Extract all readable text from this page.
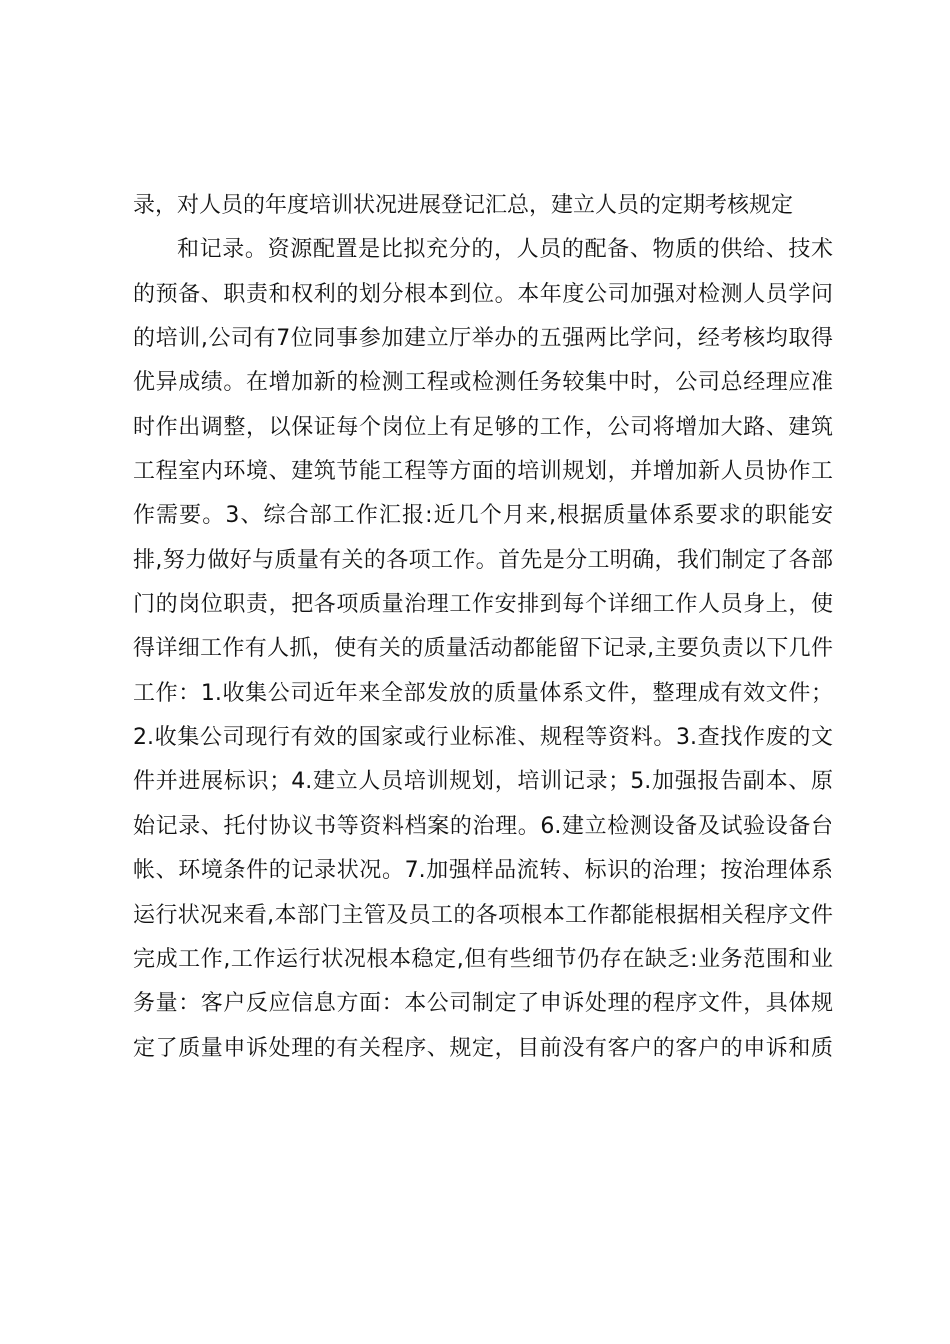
录，对人员的年度培训状况进展登记汇总，建立人员的定期考核规定
和记录。资源配置是比拟充分的，人员的配备、物质的供给、技术
的预备、职责和权利的划分根本到位。本年度公司加强对检测人员学问
的培训,公司有7位同事参加建立厅举办的五强两比学问，经考核均取得
优异成绩。在增加新的检测工程或检测任务较集中时，公司总经理应准
时作出调整，以保证每个岗位上有足够的工作，公司将增加大路、建筑
工程室内环境、建筑节能工程等方面的培训规划，并增加新人员协作工
作需要。3、综合部工作汇报:近几个月来,根据质量体系要求的职能安
排,努力做好与质量有关的各项工作。首先是分工明确，我们制定了各部
门的岗位职责，把各项质量治理工作安排到每个详细工作人员身上，使
得详细工作有人抓，使有关的质量活动都能留下记录,主要负责以下几件
工作：1.收集公司近年来全部发放的质量体系文件，整理成有效文件；
2.收集公司现行有效的国家或行业标准、规程等资料。3.查找作废的文
件并进展标识；4.建立人员培训规划，培训记录；5.加强报告副本、原
始记录、托付协议书等资料档案的治理。6.建立检测设备及试验设备台
帐、环境条件的记录状况。7.加强样品流转、标识的治理；按治理体系
运行状况来看,本部门主管及员工的各项根本工作都能根据相关程序文件
完成工作,工作运行状况根本稳定,但有些细节仍存在缺乏:业务范围和业
务量：客户反应信息方面：本公司制定了申诉处理的程序文件，具体规
定了质量申诉处理的有关程序、规定，目前没有客户的客户的申诉和质
